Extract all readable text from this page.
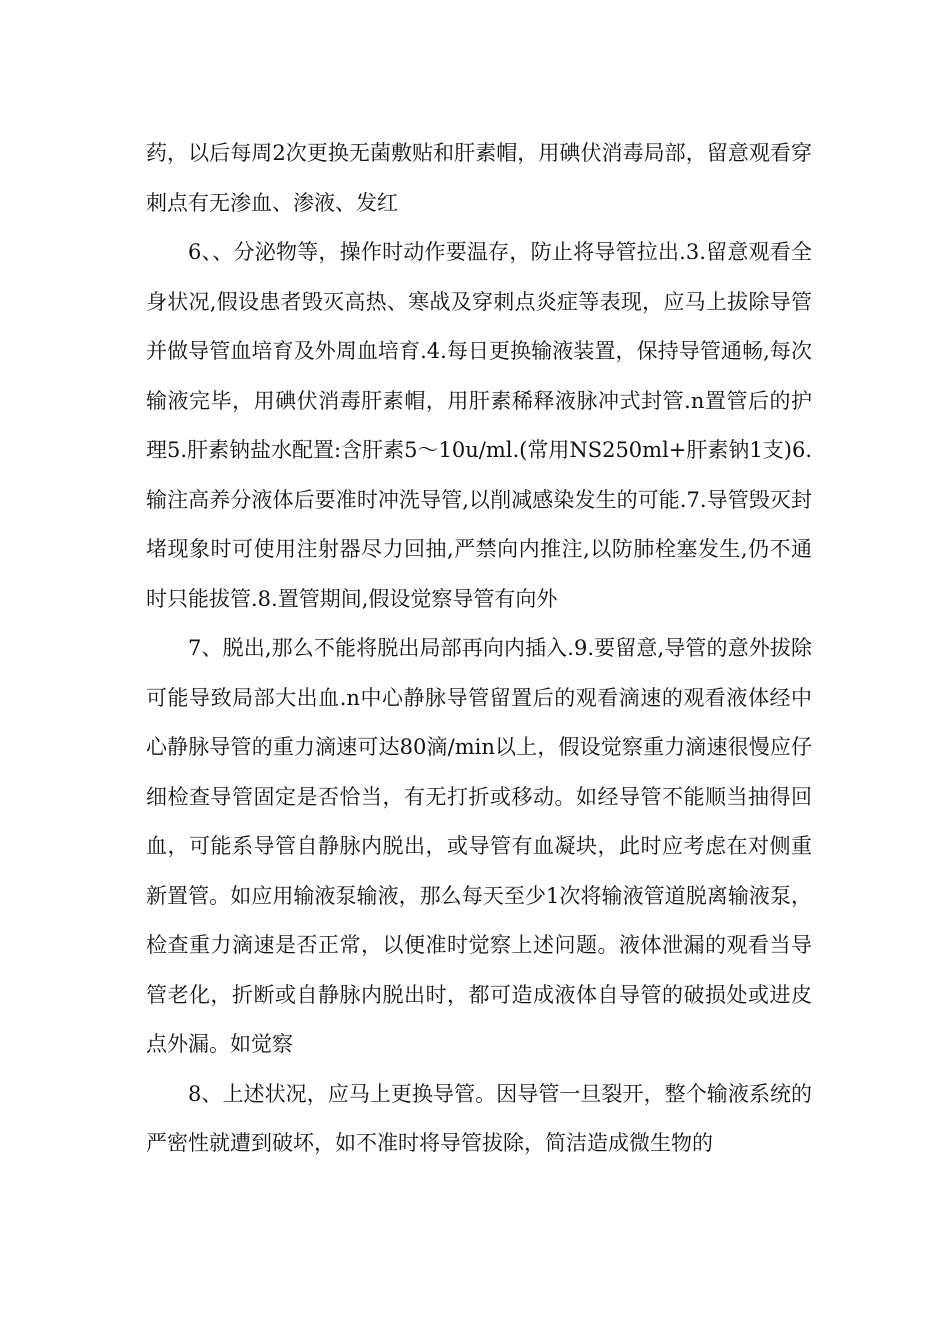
药，以后每周2次更换无菌敷贴和肝素帽，用碘伏消毒局部，留意观看穿刺点有无渗血、渗液、发红

6、、分泌物等，操作时动作要温存，防止将导管拉出.3.留意观看全身状况,假设患者毁灭高热、寒战及穿刺点炎症等表现，应马上拔除导管并做导管血培育及外周血培育.4.每日更换输液装置，保持导管通畅,每次输液完毕，用碘伏消毒肝素帽，用肝素稀释液脉冲式封管.n置管后的护理5.肝素钠盐水配置:含肝素5～10u/ml.(常用NS250ml+肝素钠1支)6.输注高养分液体后要准时冲洗导管,以削减感染发生的可能.7.导管毁灭封堵现象时可使用注射器尽力回抽,严禁向内推注,以防肺栓塞发生,仍不通时只能拔管.8.置管期间,假设觉察导管有向外

7、脱出,那么不能将脱出局部再向内插入.9.要留意,导管的意外拔除可能导致局部大出血.n中心静脉导管留置后的观看滴速的观看液体经中心静脉导管的重力滴速可达80滴/min以上，假设觉察重力滴速很慢应仔细检查导管固定是否恰当，有无打折或移动。如经导管不能顺当抽得回血，可能系导管自静脉内脱出，或导管有血凝块，此时应考虑在对侧重新置管。如应用输液泵输液，那么每天至少1次将输液管道脱离输液泵，检查重力滴速是否正常，以便准时觉察上述问题。液体泄漏的观看当导管老化，折断或自静脉内脱出时，都可造成液体自导管的破损处或进皮点外漏。如觉察

8、上述状况，应马上更换导管。因导管一旦裂开，整个输液系统的严密性就遭到破坏，如不准时将导管拔除，简洁造成微生物的
